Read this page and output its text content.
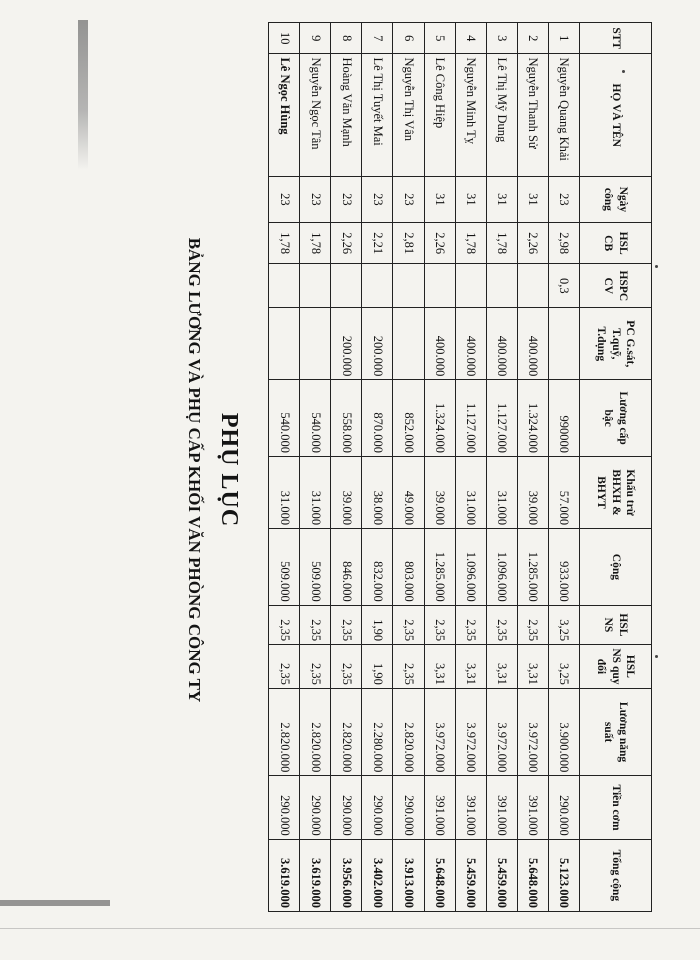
PHỤ LỤC
BẢNG LƯƠNG VÀ PHỤ CẤP KHỐI VĂN PHÒNG CÔNG TY
STT	HỌ VÀ TÊN	Ngày công	HSL CB	HSPC CV	PC G.sát, T.quỹ, T.dụng	Lương cấp bậc	Khấu trừ BHXH & BHYT	Cộng	HSL NS	HSL NS quy đổi	Lương năng suất	Tiền cơm	Tổng cộng
1	Nguyễn Quang Khải	23	2,98	0,3		990000	57.000	933.000	3,25	3,25	3.900.000	290.000	5.123.000
2	Nguyễn Thanh Sử	31	2,26		400.000	1.324.000	39.000	1.285.000	2,35	3,31	3.972.000	391.000	5.648.000
3	Lê Thị Mỹ Dung	31	1,78		400.000	1.127.000	31.000	1.096.000	2,35	3,31	3.972.000	391.000	5.459.000
4	Nguyễn Minh Tỵ	31	1,78		400.000	1.127.000	31.000	1.096.000	2,35	3,31	3.972.000	391.000	5.459.000
5	Lê Công Hiệp	31	2,26		400.000	1.324.000	39.000	1.285.000	2,35	3,31	3.972.000	391.000	5.648.000
6	Nguyễn Thị Vân	23	2,81			852.000	49.000	803.000	2,35	2,35	2.820.000	290.000	3.913.000
7	Lê Thị Tuyết Mai	23	2,21		200.000	870.000	38.000	832.000	1,90	1,90	2.280.000	290.000	3.402.000
8	Hoàng Văn Mạnh	23	2,26		200.000	558.000	39.000	846.000	2,35	2,35	2.820.000	290.000	3.956.000
9	Nguyễn Ngọc Tân	23	1,78			540.000	31.000	509.000	2,35	2,35	2.820.000	290.000	3.619.000
10	Lê Ngọc Hùng	23	1,78			540.000	31.000	509.000	2,35	2,35	2.820.000	290.000	3.619.000
